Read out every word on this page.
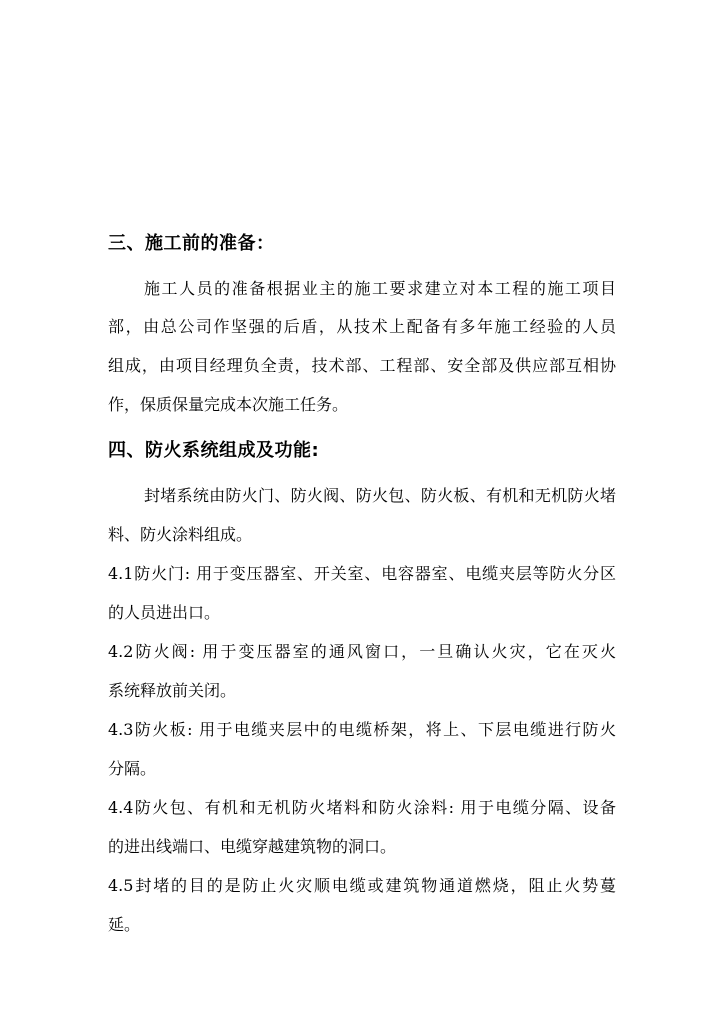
三、施工前的准备：
施工人员的准备根据业主的施工要求建立对本工程的施工项目
部，由总公司作坚强的后盾，从技术上配备有多年施工经验的人员
组成，由项目经理负全责，技术部、工程部、安全部及供应部互相协
作，保质保量完成本次施工任务。
四、防火系统组成及功能:
封堵系统由防火门、防火阀、防火包、防火板、有机和无机防火堵
料、防火涂料组成。
4.1防火门: 用于变压器室、开关室、电容器室、电缆夹层等防火分区
的人员进出口。
4.2防火阀: 用于变压器室的通风窗口，一旦确认火灾，它在灭火
系统释放前关闭。
4.3防火板: 用于电缆夹层中的电缆桥架，将上、下层电缆进行防火
分隔。
4.4防火包、有机和无机防火堵料和防火涂料: 用于电缆分隔、设备
的进出线端口、电缆穿越建筑物的洞口。
4.5封堵的目的是防止火灾顺电缆或建筑物通道燃烧，阻止火势蔓
延。
